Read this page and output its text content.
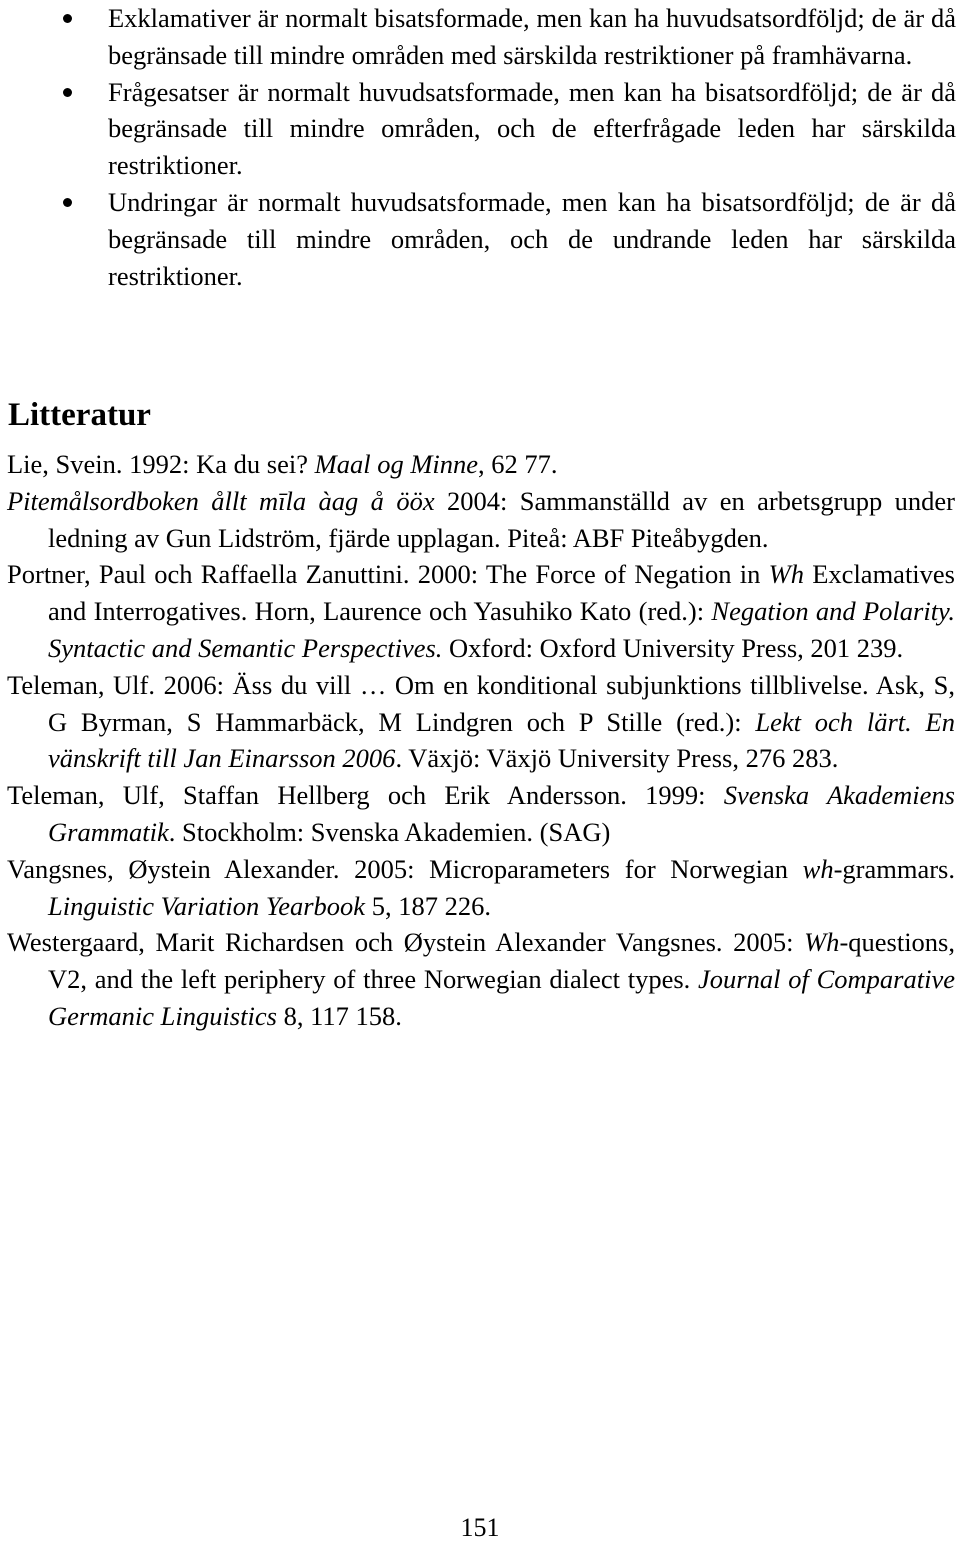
Exklamativer är normalt bisatsformade, men kan ha huvudsatsordföljd; de är då begränsade till mindre områden med särskilda restriktioner på framhävarna.
Frågesatser är normalt huvudsatsformade, men kan ha bisatsordföljd; de är då begränsade till mindre områden, och de efterfrågade leden har särskilda restriktioner.
Undringar är normalt huvudsatsformade, men kan ha bisatsordföljd; de är då begränsade till mindre områden, och de undrande leden har särskilda restriktioner.
Litteratur

Lie, Svein. 1992: Ka du sei? Maal og Minne, 62 77.

Pitemålsordboken ållt mīla àag å ööx 2004: Sammanställd av en arbetsgrupp under ledning av Gun Lidström, fjärde upplagan. Piteå: ABF Piteåbygden.

Portner, Paul och Raffaella Zanuttini. 2000: The Force of Negation in Wh Exclamatives and Interrogatives. Horn, Laurence och Yasuhiko Kato (red.): Negation and Polarity. Syntactic and Semantic Perspectives. Oxford: Oxford University Press, 201 239.

Teleman, Ulf. 2006: Äss du vill … Om en konditional subjunktions tillblivelse. Ask, S, G Byrman, S Hammarbäck, M Lindgren och P Stille (red.): Lekt och lärt. En vänskrift till Jan Einarsson 2006. Växjö: Växjö University Press, 276 283.

Teleman, Ulf, Staffan Hellberg och Erik Andersson. 1999: Svenska Akademiens Grammatik. Stockholm: Svenska Akademien. (SAG)

Vangsnes, Øystein Alexander. 2005: Microparameters for Norwegian wh-grammars. Linguistic Variation Yearbook 5, 187 226.

Westergaard, Marit Richardsen och Øystein Alexander Vangsnes. 2005: Wh-questions, V2, and the left periphery of three Norwegian dialect types. Journal of Comparative Germanic Linguistics 8, 117 158.

151
